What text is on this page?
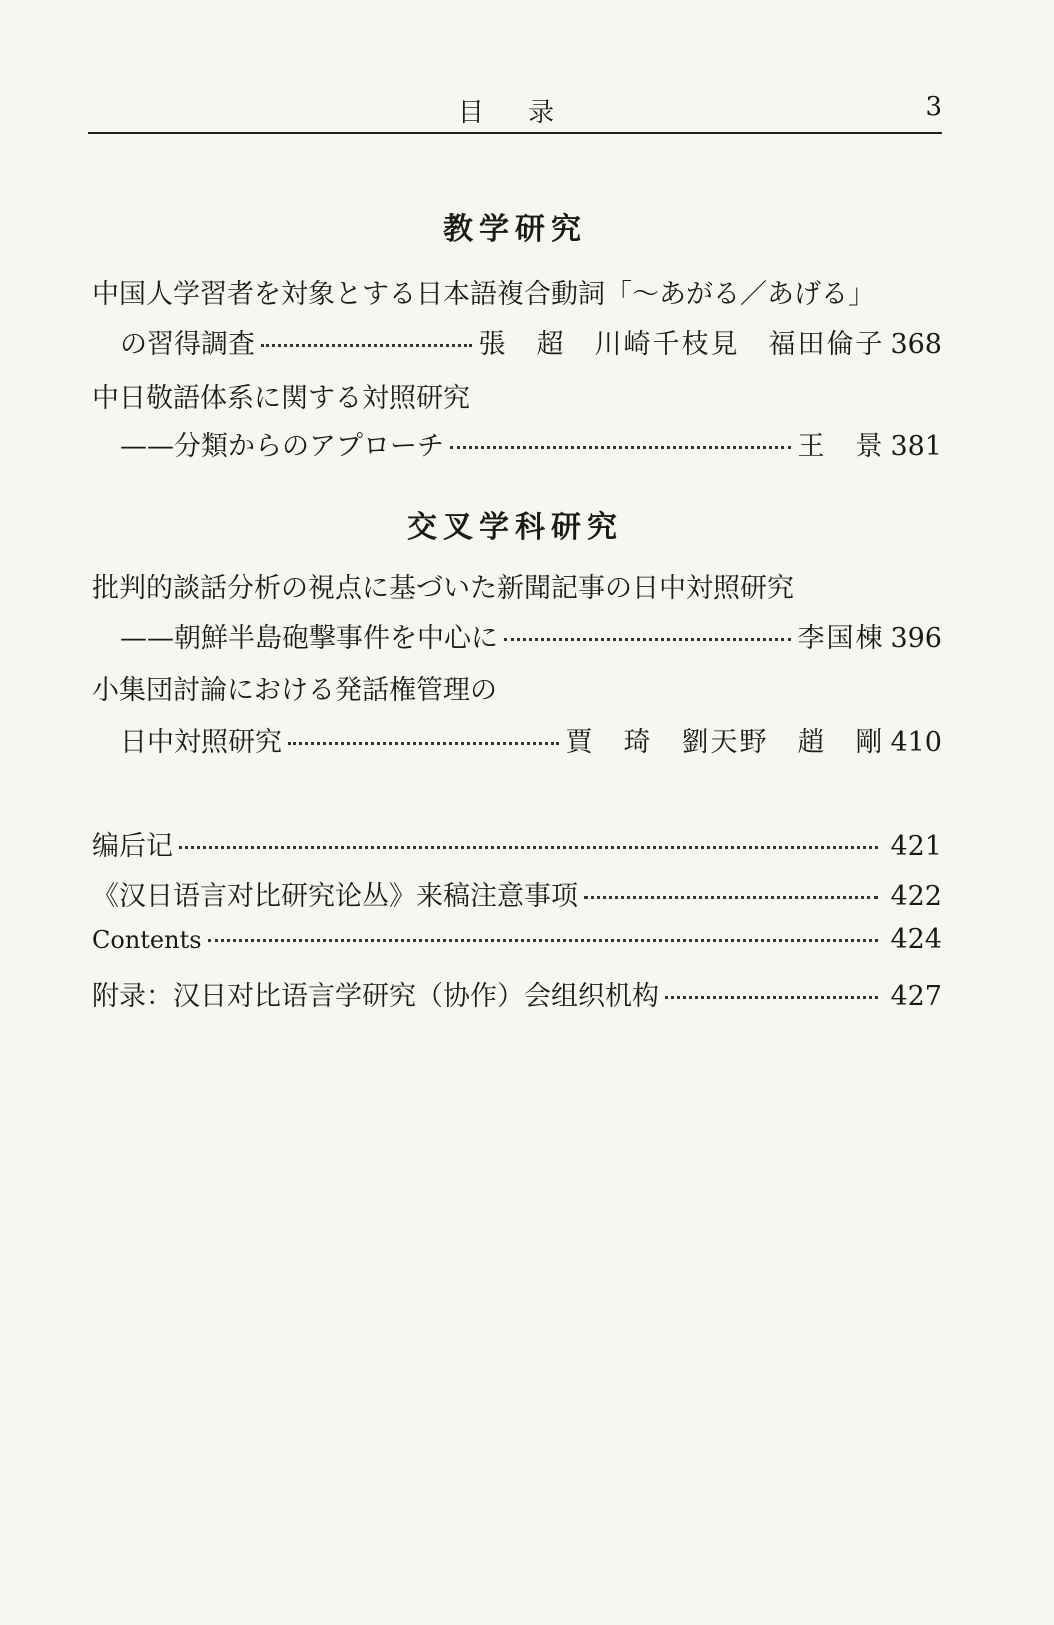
目 录	3
教学研究
中国人学習者を対象とする日本語複合動詞「～あがる／あげる」
の習得調査	張　超　川崎千枝見　福田倫子 368
中日敬語体系に関する対照研究
——分類からのアプローチ	王　景 381
交叉学科研究
批判的談話分析の視点に基づいた新聞記事の日中対照研究
——朝鮮半島砲撃事件を中心に	李国棟 396
小集団討論における発話権管理の
日中対照研究	賈　琦　劉天野　趙　剛 410
编后记	421
《汉日语言对比研究论丛》来稿注意事项	422
Contents	424
附录：汉日对比语言学研究（协作）会组织机构	427
